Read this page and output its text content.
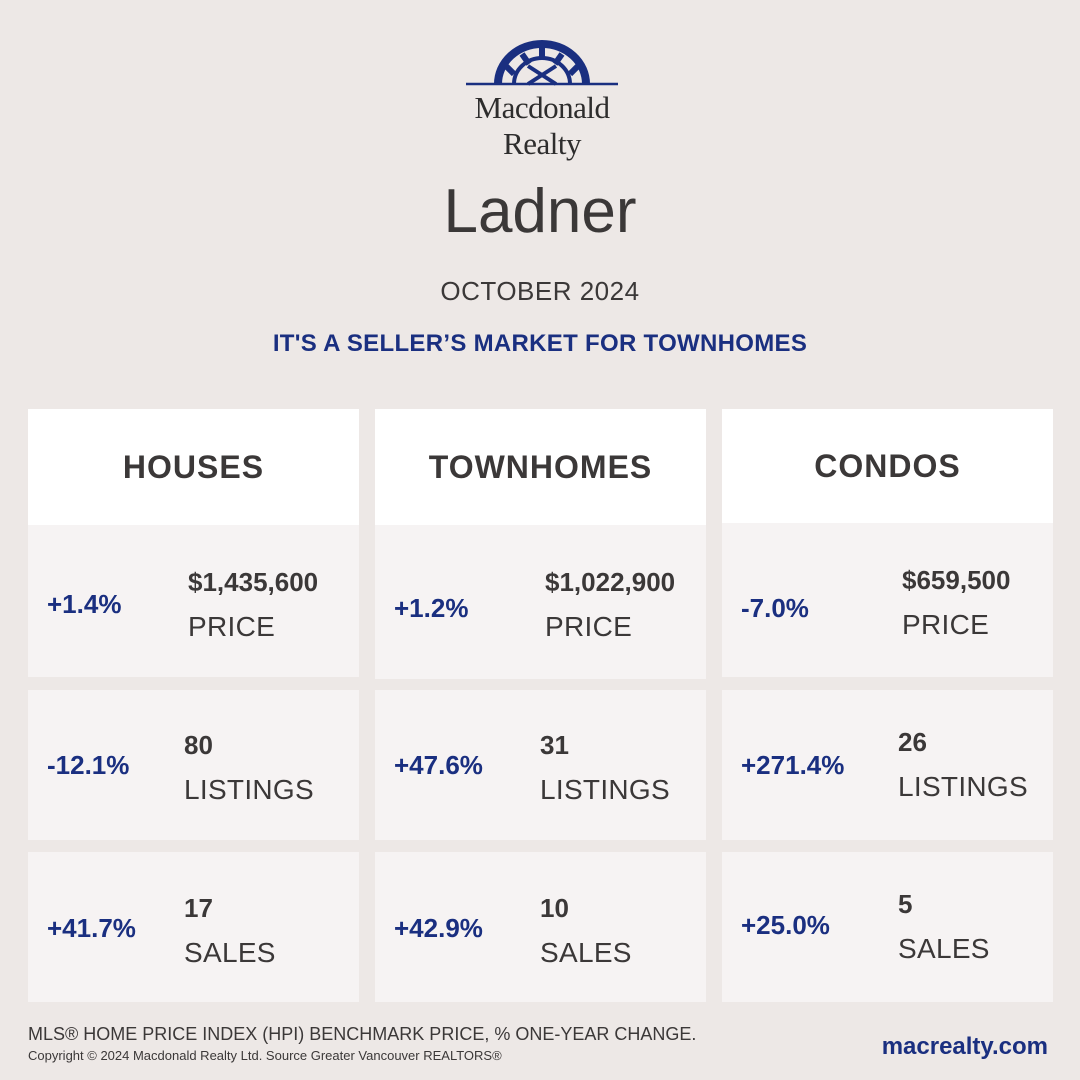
Macdonald
Realty
Ladner
OCTOBER 2024
IT'S A SELLER’S MARKET FOR TOWNHOMES
HOUSES
+1.4%
$1,435,600
PRICE
-12.1%
80
LISTINGS
+41.7%
17
SALES
TOWNHOMES
+1.2%
$1,022,900
PRICE
+47.6%
31
LISTINGS
+42.9%
10
SALES
CONDOS
-7.0%
$659,500
PRICE
+271.4%
26
LISTINGS
+25.0%
5
SALES
MLS® HOME PRICE INDEX (HPI) BENCHMARK PRICE, % ONE-YEAR CHANGE.
Copyright © 2024 Macdonald Realty Ltd. Source Greater Vancouver REALTORS®	macrealty.com
